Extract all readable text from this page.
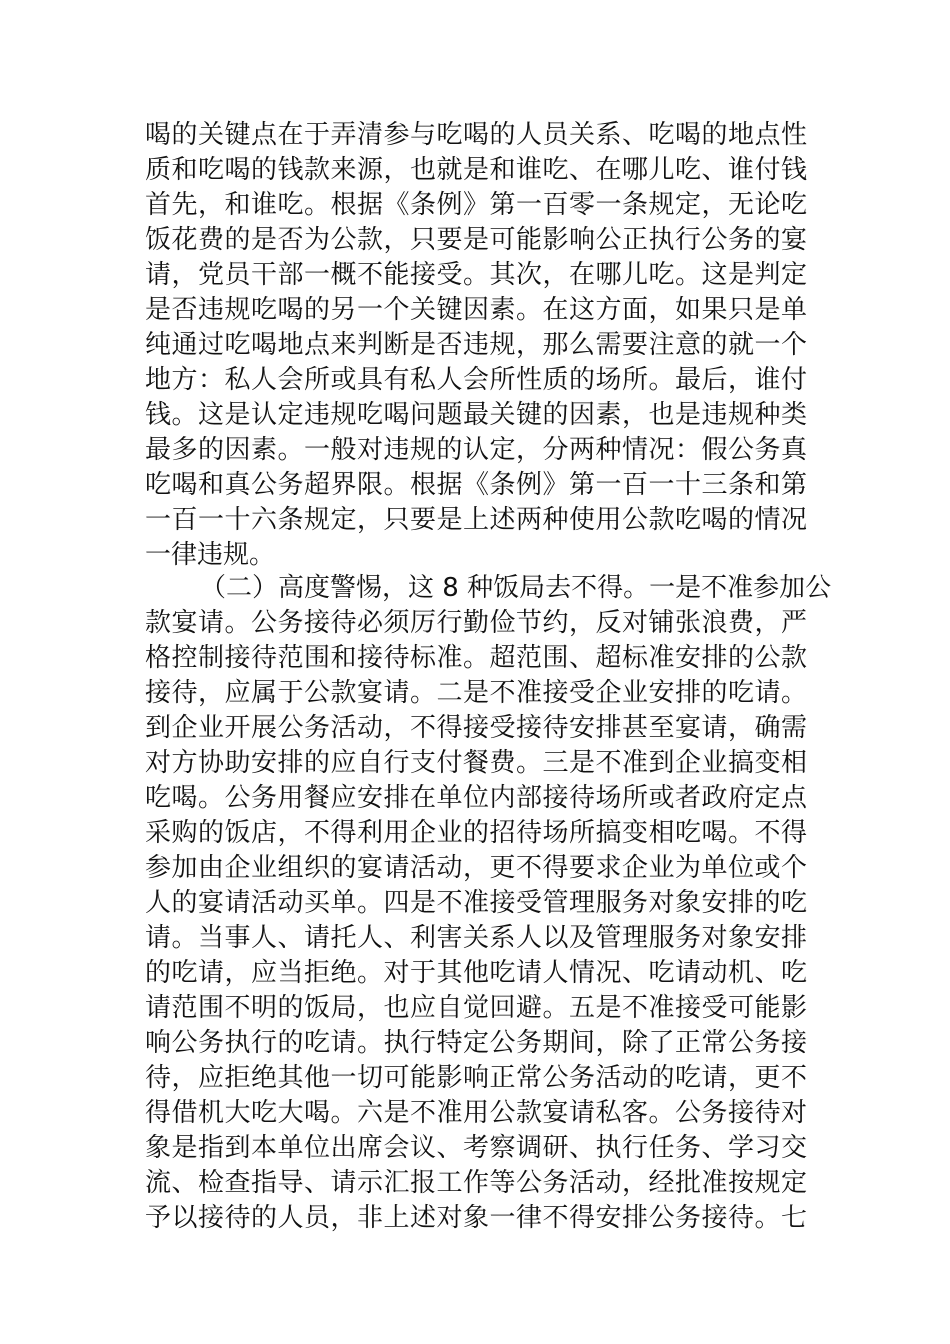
喝的关键点在于弄清参与吃喝的人员关系、吃喝的地点性
质和吃喝的钱款来源，也就是和谁吃、在哪儿吃、谁付钱
首先，和谁吃。根据《条例》第一百零一条规定，无论吃
饭花费的是否为公款，只要是可能影响公正执行公务的宴
请，党员干部一概不能接受。其次，在哪儿吃。这是判定
是否违规吃喝的另一个关键因素。在这方面，如果只是单
纯通过吃喝地点来判断是否违规，那么需要注意的就一个
地方：私人会所或具有私人会所性质的场所。最后，谁付
钱。这是认定违规吃喝问题最关键的因素，也是违规种类
最多的因素。一般对违规的认定，分两种情况：假公务真
吃喝和真公务超界限。根据《条例》第一百一十三条和第
一百一十六条规定，只要是上述两种使用公款吃喝的情况
一律违规。
（二）高度警惕，这 8 种饭局去不得。一是不准参加公
款宴请。公务接待必须厉行勤俭节约，反对铺张浪费，严
格控制接待范围和接待标准。超范围、超标准安排的公款
接待，应属于公款宴请。二是不准接受企业安排的吃请。
到企业开展公务活动，不得接受接待安排甚至宴请，确需
对方协助安排的应自行支付餐费。三是不准到企业搞变相
吃喝。公务用餐应安排在单位内部接待场所或者政府定点
采购的饭店，不得利用企业的招待场所搞变相吃喝。不得
参加由企业组织的宴请活动，更不得要求企业为单位或个
人的宴请活动买单。四是不准接受管理服务对象安排的吃
请。当事人、请托人、利害关系人以及管理服务对象安排
的吃请，应当拒绝。对于其他吃请人情况、吃请动机、吃
请范围不明的饭局，也应自觉回避。五是不准接受可能影
响公务执行的吃请。执行特定公务期间，除了正常公务接
待，应拒绝其他一切可能影响正常公务活动的吃请，更不
得借机大吃大喝。六是不准用公款宴请私客。公务接待对
象是指到本单位出席会议、考察调研、执行任务、学习交
流、检查指导、请示汇报工作等公务活动，经批准按规定
予以接待的人员，非上述对象一律不得安排公务接待。七
